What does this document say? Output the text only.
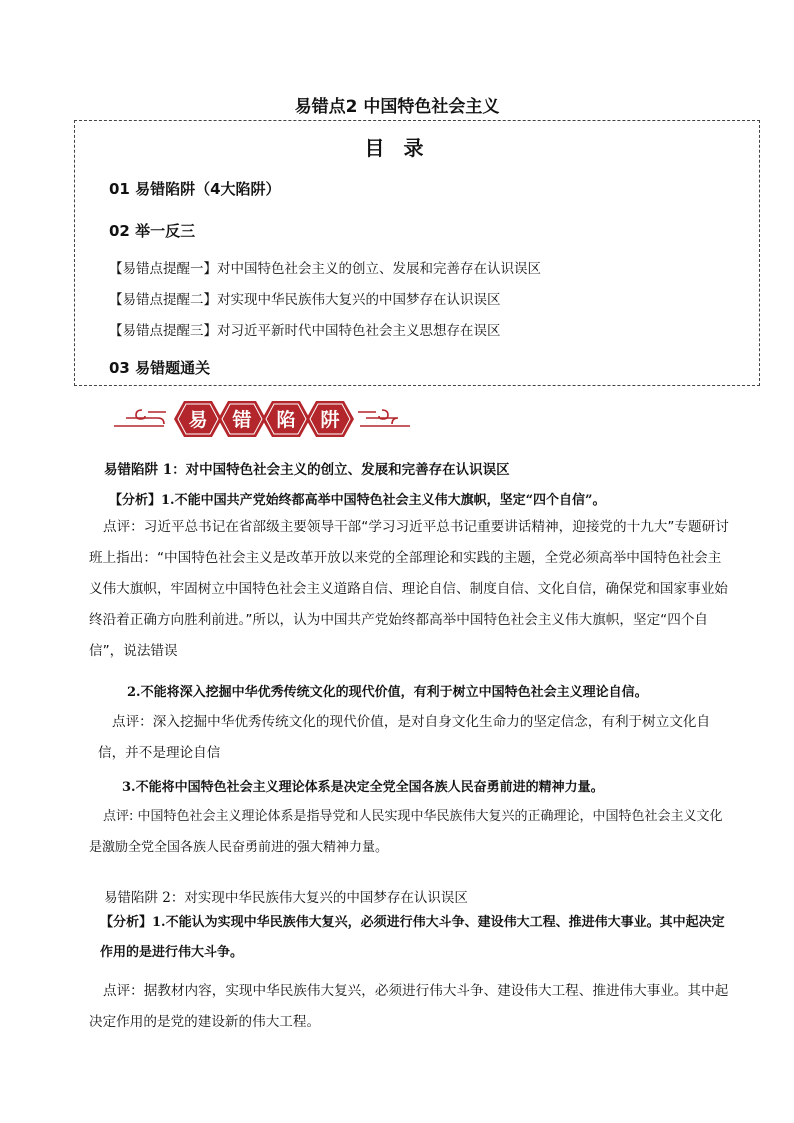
易错点2 中国特色社会主义
目 录
01 易错陷阱（4大陷阱）
02 举一反三
【易错点提醒一】对中国特色社会主义的创立、发展和完善存在认识误区
【易错点提醒二】对实现中华民族伟大复兴的中国梦存在认识误区
【易错点提醒三】对习近平新时代中国特色社会主义思想存在误区
03 易错题通关
易 错 陷 阱
易错陷阱 1：对中国特色社会主义的创立、发展和完善存在认识误区
【分析】1.不能中国共产党始终都高举中国特色社会主义伟大旗帜，坚定“四个自信”。

点评：习近平总书记在省部级主要领导干部“学习习近平总书记重要讲话精神，迎接党的十九大”专题研讨班上指出：“中国特色社会主义是改革开放以来党的全部理论和实践的主题，全党必须高举中国特色社会主义伟大旗帜，牢固树立中国特色社会主义道路自信、理论自信、制度自信、文化自信，确保党和国家事业始终沿着正确方向胜利前进。”所以，认为中国共产党始终都高举中国特色社会主义伟大旗帜，坚定“四个自信”，说法错误

2.不能将深入挖掘中华优秀传统文化的现代价值，有利于树立中国特色社会主义理论自信。

点评：深入挖掘中华优秀传统文化的现代价值，是对自身文化生命力的坚定信念，有利于树立文化自信，并不是理论自信

3.不能将中国特色社会主义理论体系是决定全党全国各族人民奋勇前进的精神力量。

点评: 中国特色社会主义理论体系是指导党和人民实现中华民族伟大复兴的正确理论，中国特色社会主义文化是激励全党全国各族人民奋勇前进的强大精神力量。

易错陷阱 2：对实现中华民族伟大复兴的中国梦存在认识误区

【分析】1.不能认为实现中华民族伟大复兴，必须进行伟大斗争、建设伟大工程、推进伟大事业。其中起决定作用的是进行伟大斗争。

点评：据教材内容，实现中华民族伟大复兴，必须进行伟大斗争、建设伟大工程、推进伟大事业。其中起决定作用的是党的建设新的伟大工程。
